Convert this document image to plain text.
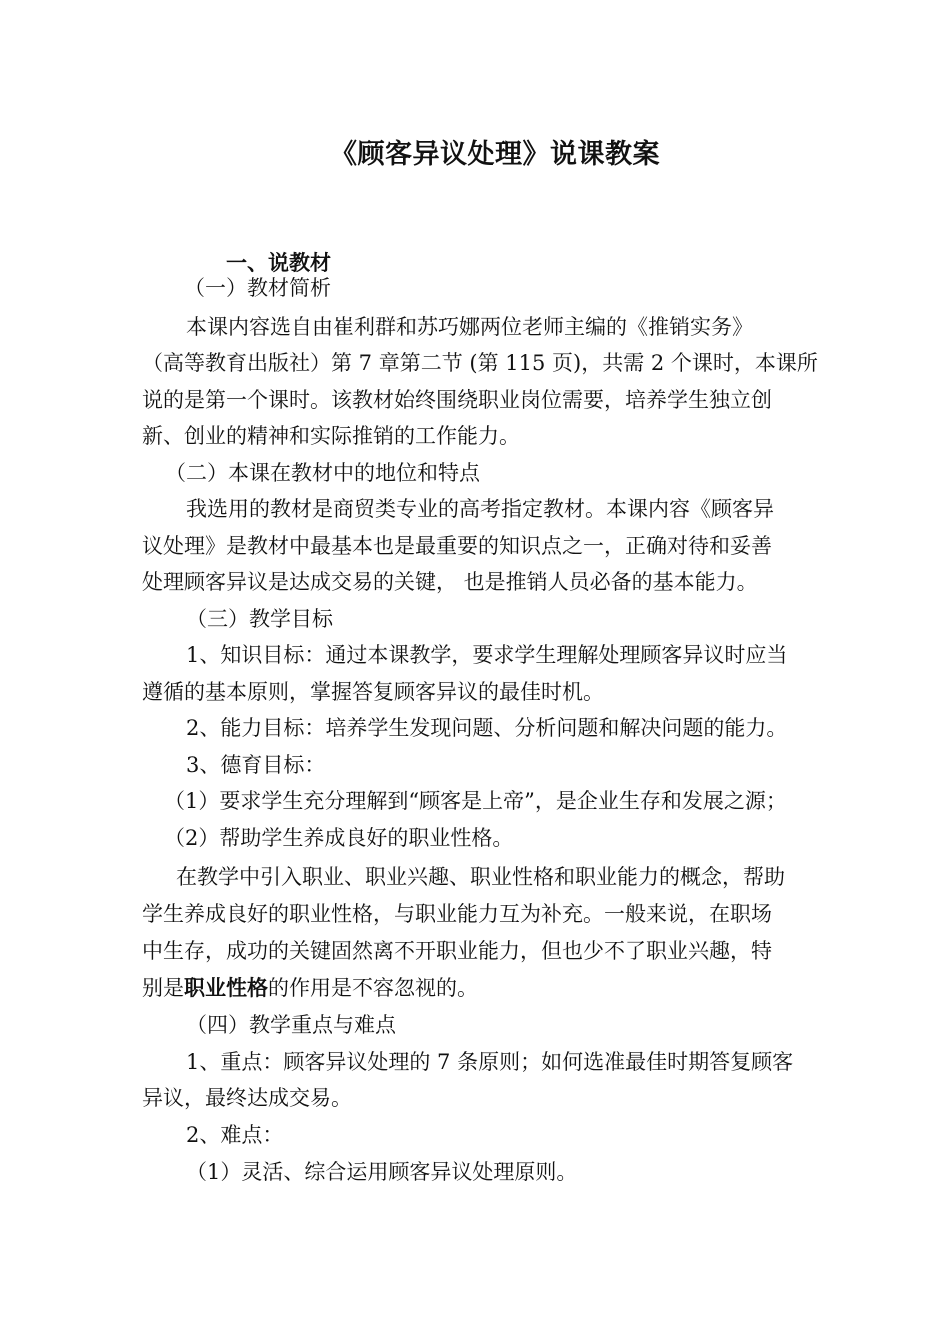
《顾客异议处理》说课教案
一、说教材
（一）教材简析
本课内容选自由崔利群和苏巧娜两位老师主编的《推销实务》
（高等教育出版社）第 7 章第二节 (第 115 页)，共需 2 个课时，本课所
说的是第一个课时。该教材始终围绕职业岗位需要，培养学生独立创
新、创业的精神和实际推销的工作能力。
（二）本课在教材中的地位和特点
我选用的教材是商贸类专业的高考指定教材。本课内容《顾客异
议处理》是教材中最基本也是最重要的知识点之一，正确对待和妥善
处理顾客异议是达成交易的关键， 也是推销人员必备的基本能力。
（三）教学目标
1、知识目标：通过本课教学，要求学生理解处理顾客异议时应当
遵循的基本原则，掌握答复顾客异议的最佳时机。
2、能力目标：培养学生发现问题、分析问题和解决问题的能力。
3、德育目标：
（1）要求学生充分理解到“顾客是上帝”，是企业生存和发展之源；
（2）帮助学生养成良好的职业性格。
在教学中引入职业、职业兴趣、职业性格和职业能力的概念，帮助
学生养成良好的职业性格，与职业能力互为补充。一般来说，在职场
中生存，成功的关键固然离不开职业能力，但也少不了职业兴趣，特
别是职业性格的作用是不容忽视的。
（四）教学重点与难点
1、重点：顾客异议处理的 7 条原则；如何选准最佳时期答复顾客
异议，最终达成交易。
2、难点：
（1）灵活、综合运用顾客异议处理原则。
